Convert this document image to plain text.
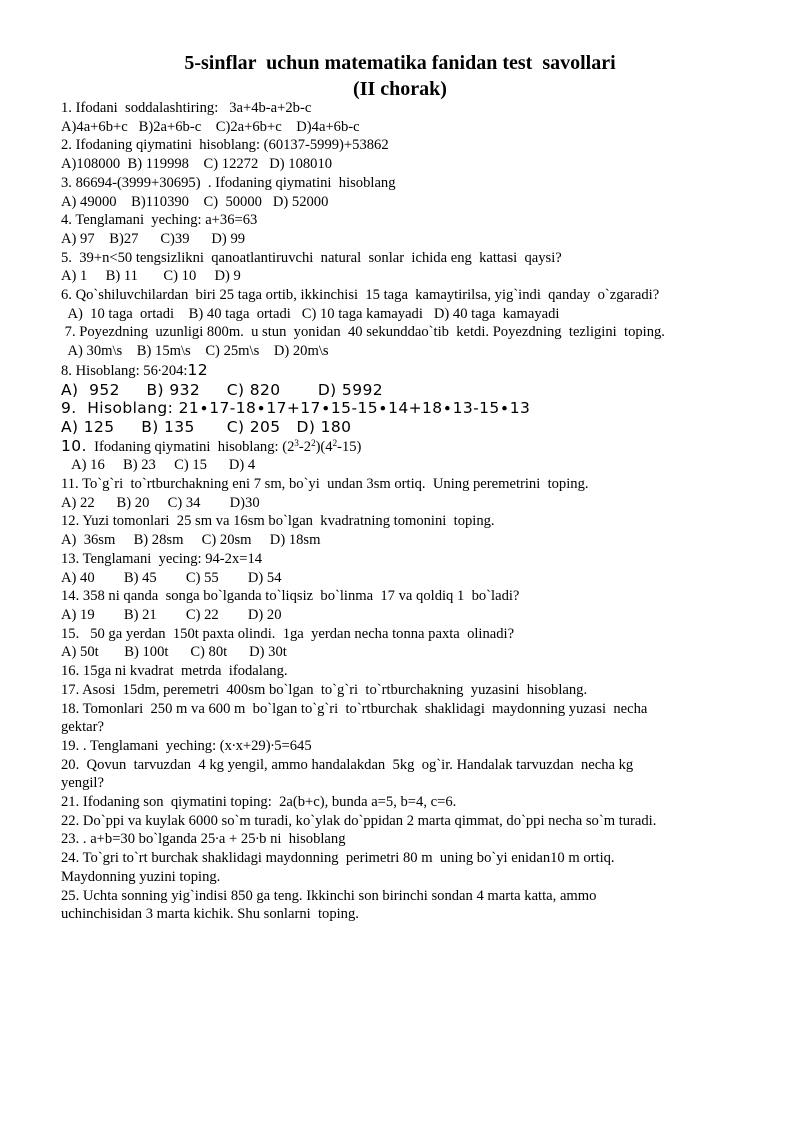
5-sinflar  uchun matematika fanidan test  savollari
(II chorak)
1. Ifodani  soddalashtiring:   3a+4b-a+2b-c
A)4a+6b+c   B)2a+6b-c    C)2a+6b+c    D)4a+6b-c
2. Ifodaning qiymatini  hisoblang: (60137-5999)+53862
A)108000  B) 119998    C) 12272   D) 108010
3. 86694-(3999+30695)  . Ifodaning qiymatini  hisoblang
A) 49000    B)110390    C)  50000   D) 52000
4. Tenglamani  yeching: a+36=63
A) 97    B)27      C)39      D) 99
5.  39+n<50 tengsizlikni  qanoatlantiruvchi  natural  sonlar  ichida eng  kattasi  qaysi?
A) 1     B) 11       C) 10     D) 9
6. Qo`shiluvchilardan  biri 25 taga ortib, ikkinchisi  15 taga  kamaytirilsa, yig`indi  qanday  o`zgaradi?
A)  10 taga  ortadi    B) 40 taga  ortadi   C) 10 taga kamayadi   D) 40 taga  kamayadi
7. Poyezdning  uzunligi 800m.  u stun  yonidan  40 sekunddao`tib  ketdi. Poyezdning  tezligini  toping.
A) 30m\s    B) 15m\s    C) 25m\s    D) 20m\s
8. Hisoblang: 56∙204:12
A)  952     B) 932     C) 820       D) 5992
9.  Hisoblang: 21∙17-18∙17+17∙15-15∙14+18∙13-15∙13
A) 125     B) 135      C) 205   D) 180
10.  Ifodaning qiymatini  hisoblang: $(2^3-2^2)(4^2-15)$
A) 16     B) 23     C) 15      D) 4
11. To`g`ri  to`rtburchakning eni 7 sm, bo`yi  undan 3sm ortiq.  Uning peremetrini  toping.
A) 22      B) 20     C) 34        D)30
12. Yuzi tomonlari  25 sm va 16sm bo`lgan  kvadratning tomonini  toping.
A)  36sm     B) 28sm     C) 20sm     D) 18sm
13. Tenglamani  yecing: 94-2x=14
A) 40        B) 45        C) 55        D) 54
14. 358 ni qanda  songa bo`lganda to`liqsiz  bo`linma  17 va qoldiq 1  bo`ladi?
A) 19        B) 21        C) 22        D) 20
15.   50 ga yerdan  150t paxta olindi.  1ga  yerdan necha tonna paxta  olinadi?
A) 50t       B) 100t      C) 80t      D) 30t
16. 15ga ni kvadrat  metrda  ifodalang.
17. Asosi  15dm, peremetri  400sm bo`lgan  to`g`ri  to`rtburchakning  yuzasini  hisoblang.
18. Tomonlari  250 m va 600 m  bo`lgan to`g`ri  to`rtburchak  shaklidagi  maydonning yuzasi  necha
gektar?
19. . Tenglamani  yeching: (x∙x+29)∙5=645
20.  Qovun  tarvuzdan  4 kg yengil, ammo handalakdan  5kg  og`ir. Handalak tarvuzdan  necha kg
yengil?
21. Ifodaning son  qiymatini toping:  2a(b+c), bunda a=5, b=4, c=6.
22. Do`ppi va kuylak 6000 so`m turadi, ko`ylak do`ppidan 2 marta qimmat, do`ppi necha so`m turadi.
23. . a+b=30 bo`lganda 25∙a + 25∙b ni  hisoblang
24. To`gri to`rt burchak shaklidagi maydonning  perimetri 80 m  uning bo`yi enidan10 m ortiq.
Maydonning yuzini toping.
25. Uchta sonning yig`indisi 850 ga teng. Ikkinchi son birinchi sondan 4 marta katta, ammo
uchinchisidan 3 marta kichik. Shu sonlarni  toping.
